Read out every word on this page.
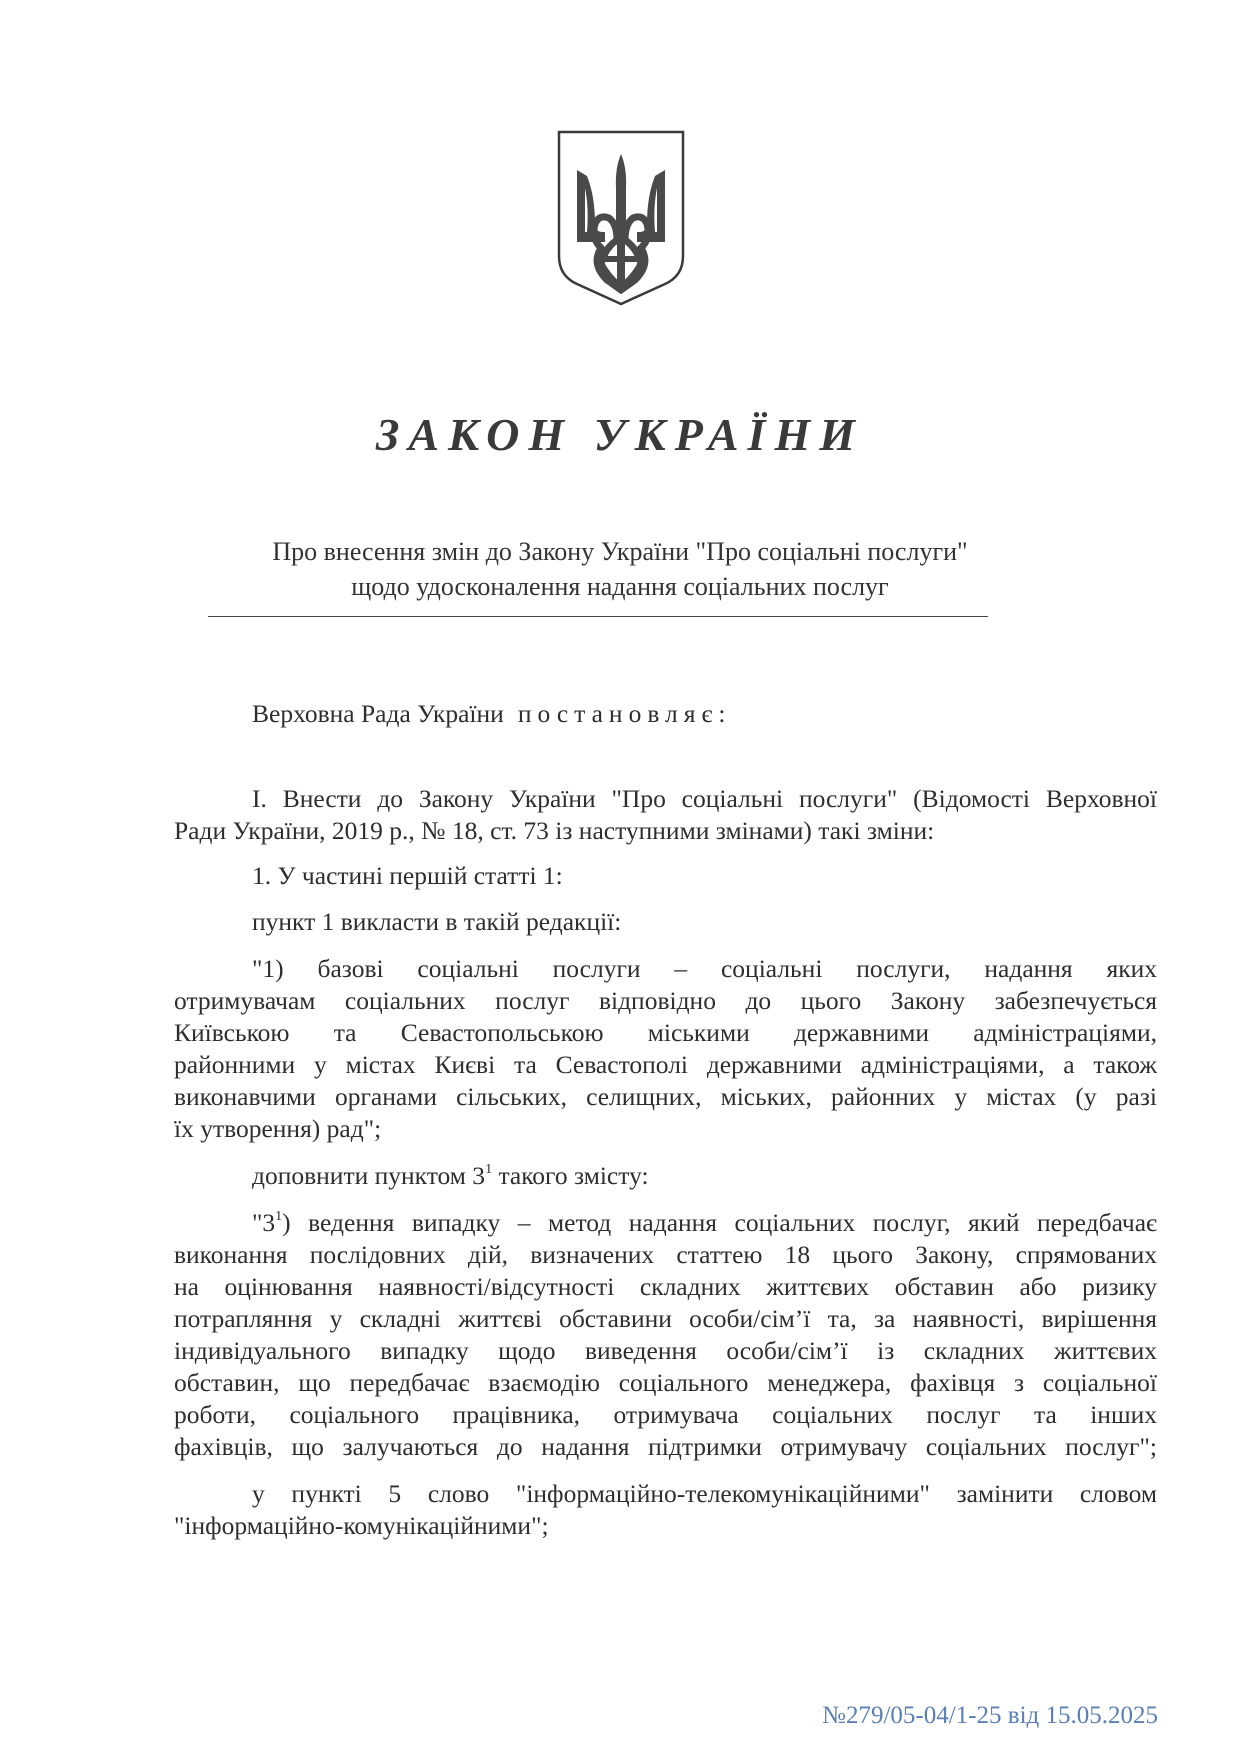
ЗАКОН УКРАЇНИ
Про внесення змін до Закону України "Про соціальні послуги"
щодо удосконалення надання соціальних послуг
Верховна Рада України постановляє:
I. Внести до Закону України "Про соціальні послуги" (Відомості Верховної
Ради України, 2019 р., № 18, ст. 73 із наступними змінами) такі зміни:
1. У частині першій статті 1:
пункт 1 викласти в такій редакції:
"1) базові соціальні послуги – соціальні послуги, надання яких
отримувачам соціальних послуг відповідно до цього Закону забезпечується
Київською та Севастопольською міськими державними адміністраціями,
районними у містах Києві та Севастополі державними адміністраціями, а також
виконавчими органами сільських, селищних, міських, районних у містах (у разі
їх утворення) рад";
доповнити пунктом $3^1$ такого змісту:
"$3^1$) ведення випадку – метод надання соціальних послуг, який передбачає
виконання послідовних дій, визначених статтею 18 цього Закону, спрямованих
на оцінювання наявності/відсутності складних життєвих обставин або ризику
потрапляння у складні життєві обставини особи/сім’ї та, за наявності, вирішення
індивідуального випадку щодо виведення особи/сім’ї із складних життєвих
обставин, що передбачає взаємодію соціального менеджера, фахівця з соціальної
роботи, соціального працівника, отримувача соціальних послуг та інших
фахівців, що залучаються до надання підтримки отримувачу соціальних послуг";
у пункті 5 слово "інформаційно-телекомунікаційними" замінити словом
"інформаційно-комунікаційними";
№279/05-04/1-25 від 15.05.2025
